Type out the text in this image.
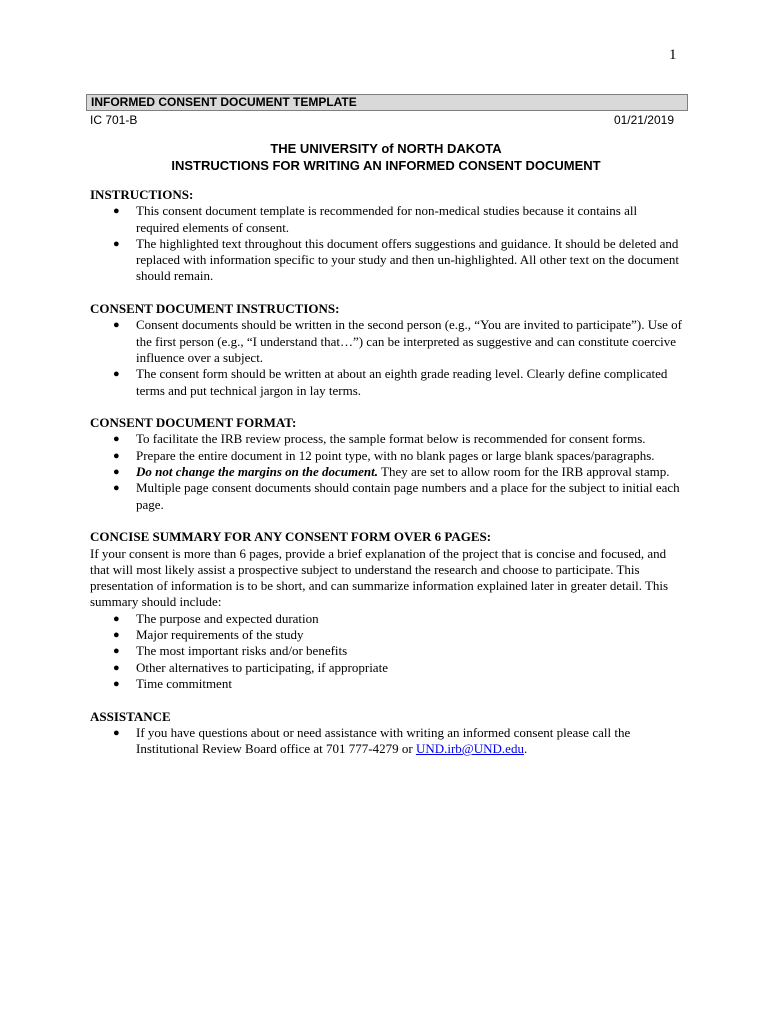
1
INFORMED CONSENT DOCUMENT TEMPLATE
IC 701-B	01/21/2019
THE UNIVERSITY of NORTH DAKOTA
INSTRUCTIONS FOR WRITING AN INFORMED CONSENT DOCUMENT
INSTRUCTIONS:
● This consent document template is recommended for non-medical studies because it contains all required elements of consent.
● The highlighted text throughout this document offers suggestions and guidance. It should be deleted and replaced with information specific to your study and then un-highlighted. All other text on the document should remain.
CONSENT DOCUMENT INSTRUCTIONS:
● Consent documents should be written in the second person (e.g., “You are invited to participate”). Use of the first person (e.g., “I understand that…”) can be interpreted as suggestive and can constitute coercive influence over a subject.
● The consent form should be written at about an eighth grade reading level. Clearly define complicated terms and put technical jargon in lay terms.
CONSENT DOCUMENT FORMAT:
● To facilitate the IRB review process, the sample format below is recommended for consent forms.
● Prepare the entire document in 12 point type, with no blank pages or large blank spaces/paragraphs.
● Do not change the margins on the document. They are set to allow room for the IRB approval stamp.
● Multiple page consent documents should contain page numbers and a place for the subject to initial each page.
CONCISE SUMMARY FOR ANY CONSENT FORM OVER 6 PAGES:
If your consent is more than 6 pages, provide a brief explanation of the project that is concise and focused, and that will most likely assist a prospective subject to understand the research and choose to participate. This presentation of information is to be short, and can summarize information explained later in greater detail. This summary should include:
● The purpose and expected duration
● Major requirements of the study
● The most important risks and/or benefits
● Other alternatives to participating, if appropriate
● Time commitment
ASSISTANCE
● If you have questions about or need assistance with writing an informed consent please call the Institutional Review Board office at 701 777-4279 or UND.irb@UND.edu.
